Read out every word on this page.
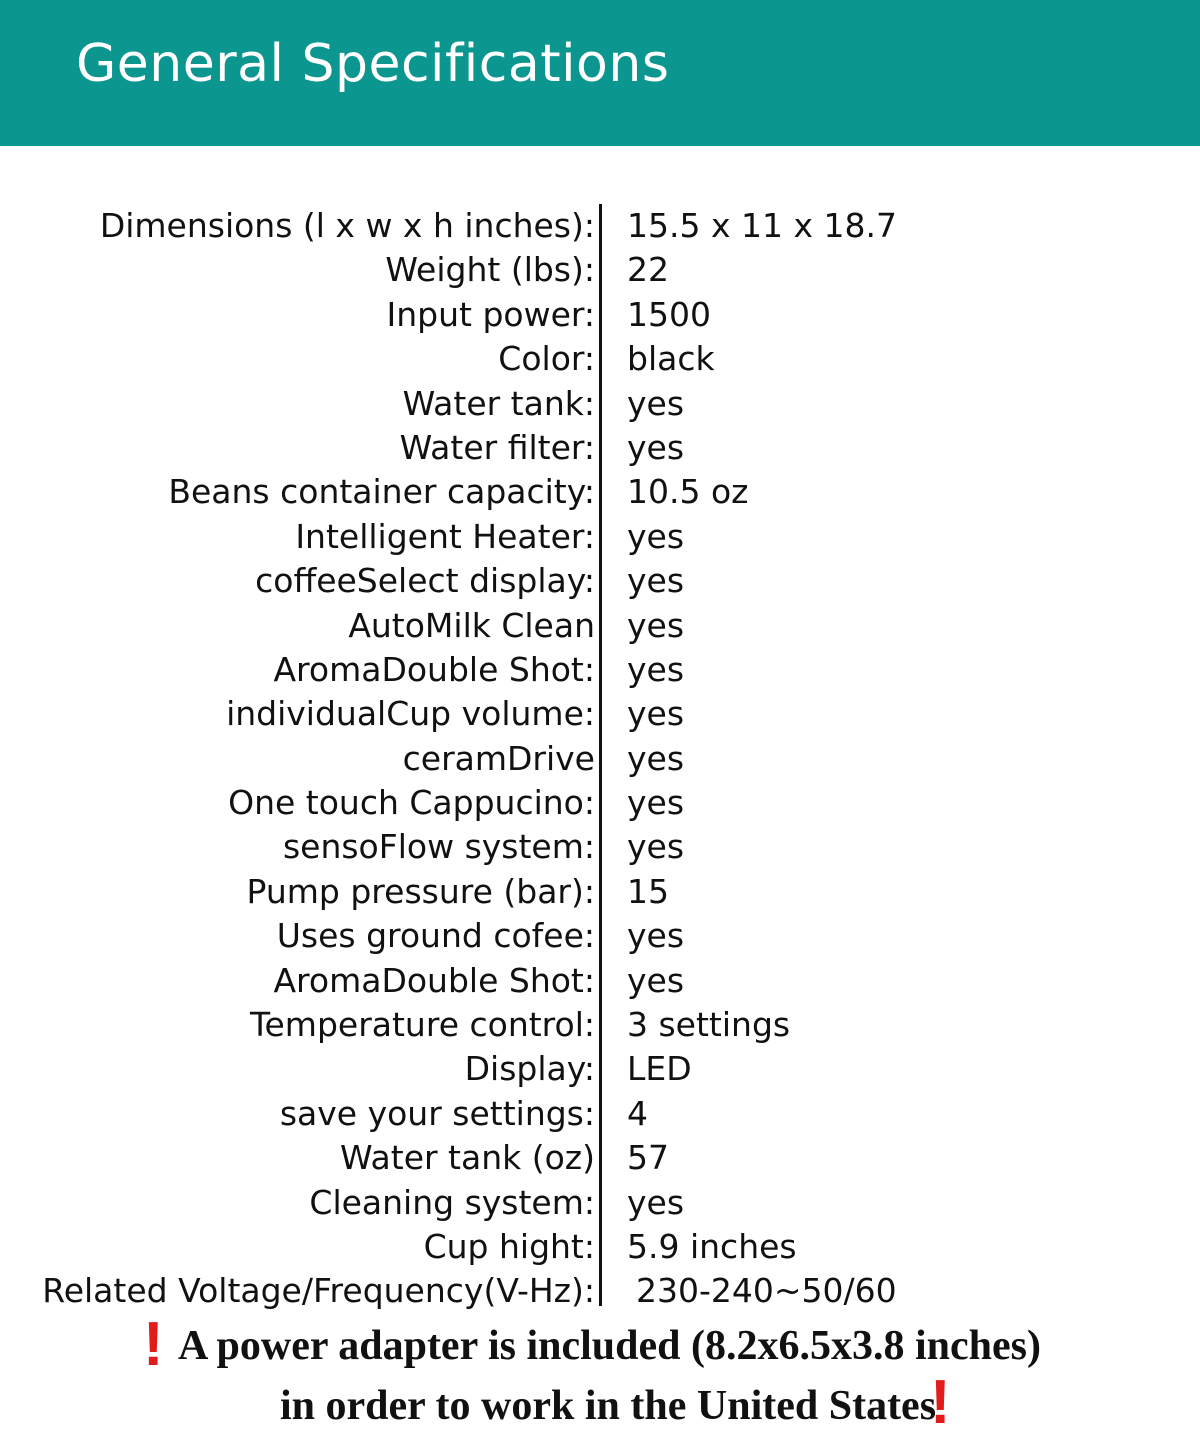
General Specifications
Dimensions (l x w x h inches): 15.5 x 11 x 18.7
Weight (lbs): 22
Input power: 1500
Color: black
Water tank: yes
Water filter: yes
Beans container capacity: 10.5 oz
Intelligent Heater: yes
coffeeSelect display: yes
AutoMilk Clean yes
AromaDouble Shot: yes
individualCup volume: yes
ceramDrive yes
One touch Cappucino: yes
sensoFlow system: yes
Pump pressure (bar): 15
Uses ground cofee: yes
AromaDouble Shot: yes
Temperature control: 3 settings
Display: LED
save your settings: 4
Water tank (oz) 57
Cleaning system: yes
Cup hight: 5.9 inches
Related Voltage/Frequency(V-Hz): 230-240~50/60
! A power adapter is included (8.2x6.5x3.8 inches)
in order to work in the United States
!
